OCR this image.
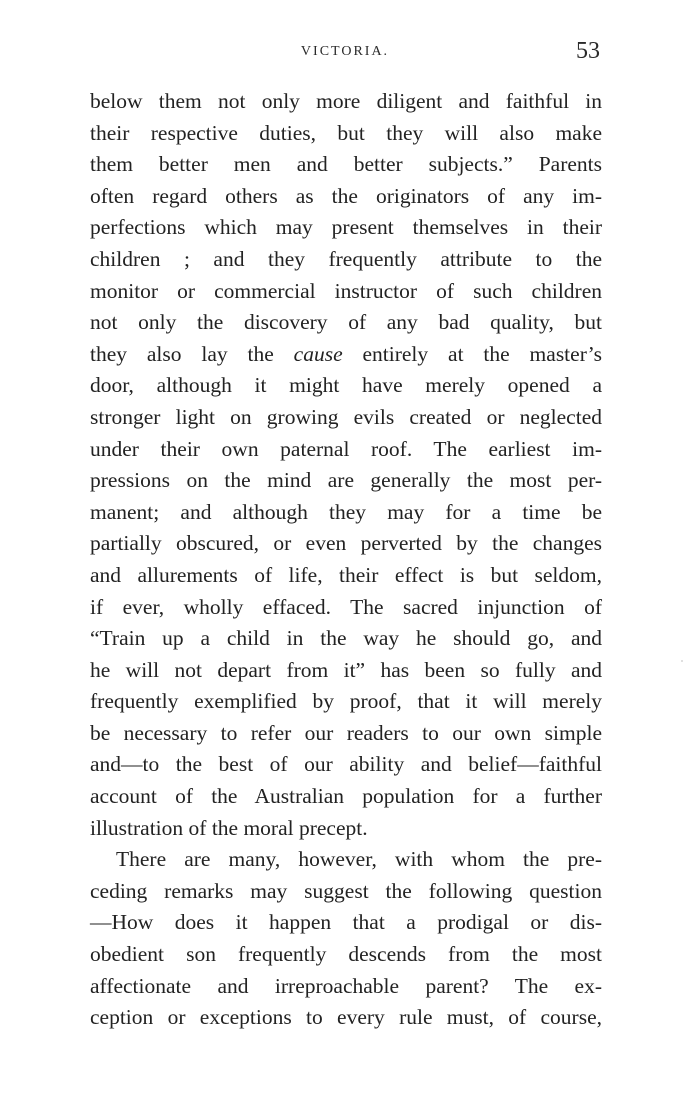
VICTORIA.	53
below them not only more diligent and faithful in
their respective duties, but they will also make
them better men and better subjects.” Parents
often regard others as the originators of any im-
perfections which may present themselves in their
children ; and they frequently attribute to the
monitor or commercial instructor of such children
not only the discovery of any bad quality, but
they also lay the cause entirely at the master’s
door, although it might have merely opened a
stronger light on growing evils created or neglected
under their own paternal roof. The earliest im-
pressions on the mind are generally the most per-
manent; and although they may for a time be
partially obscured, or even perverted by the changes
and allurements of life, their effect is but seldom,
if ever, wholly effaced. The sacred injunction of
“Train up a child in the way he should go, and
he will not depart from it” has been so fully and
frequently exemplified by proof, that it will merely
be necessary to refer our readers to our own simple
and—to the best of our ability and belief—faithful
account of the Australian population for a further
illustration of the moral precept.
There are many, however, with whom the pre-
ceding remarks may suggest the following question
—How does it happen that a prodigal or dis-
obedient son frequently descends from the most
affectionate and irreproachable parent? The ex-
ception or exceptions to every rule must, of course,
